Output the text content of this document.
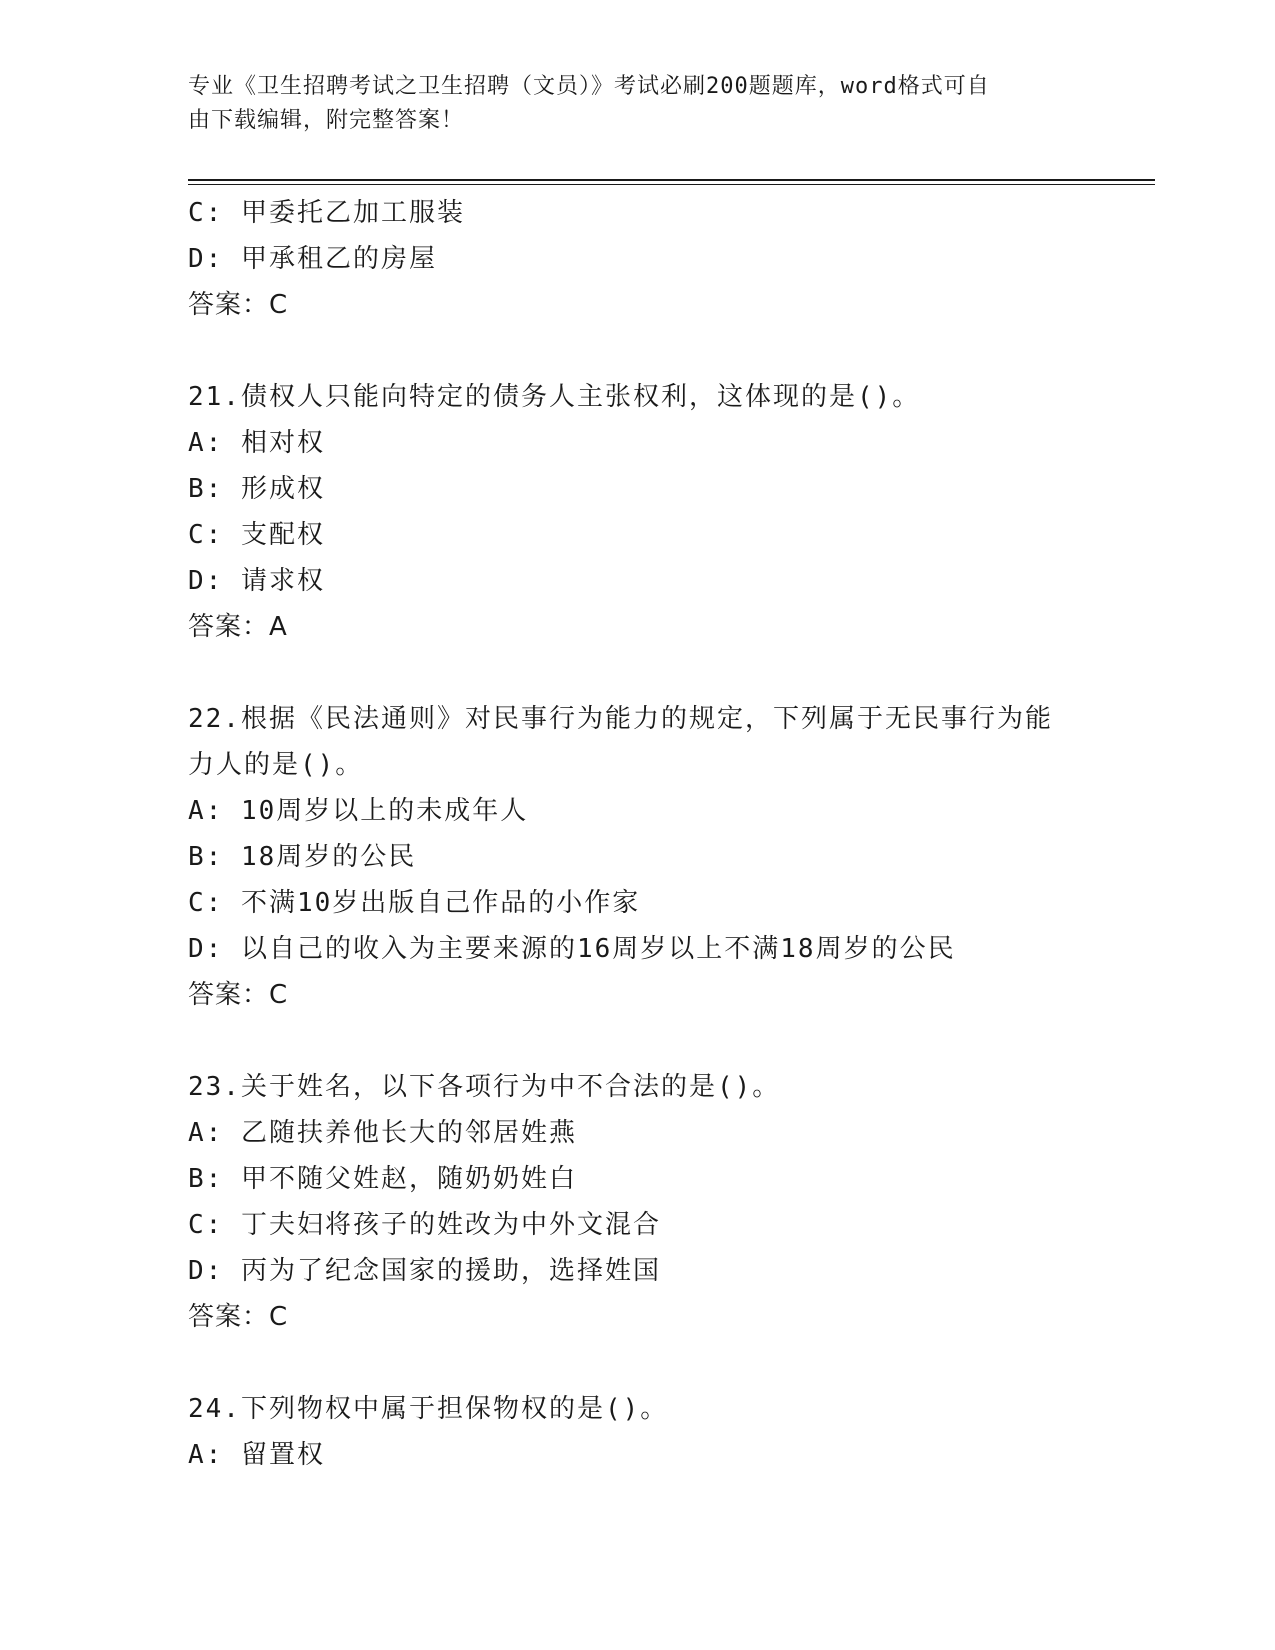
专业《卫生招聘考试之卫生招聘（文员）》考试必刷200题题库，word格式可自
由下载编辑，附完整答案！
C: 甲委托乙加工服装
D: 甲承租乙的房屋
答案：C
21.债权人只能向特定的债务人主张权利，这体现的是()。
A: 相对权
B: 形成权
C: 支配权
D: 请求权
答案：A
22.根据《民法通则》对民事行为能力的规定，下列属于无民事行为能
力人的是()。
A: 10周岁以上的未成年人
B: 18周岁的公民
C: 不满10岁出版自己作品的小作家
D: 以自己的收入为主要来源的16周岁以上不满18周岁的公民
答案：C
23.关于姓名，以下各项行为中不合法的是()。
A: 乙随扶养他长大的邻居姓燕
B: 甲不随父姓赵，随奶奶姓白
C: 丁夫妇将孩子的姓改为中外文混合
D: 丙为了纪念国家的援助，选择姓国
答案：C
24.下列物权中属于担保物权的是()。
A: 留置权
